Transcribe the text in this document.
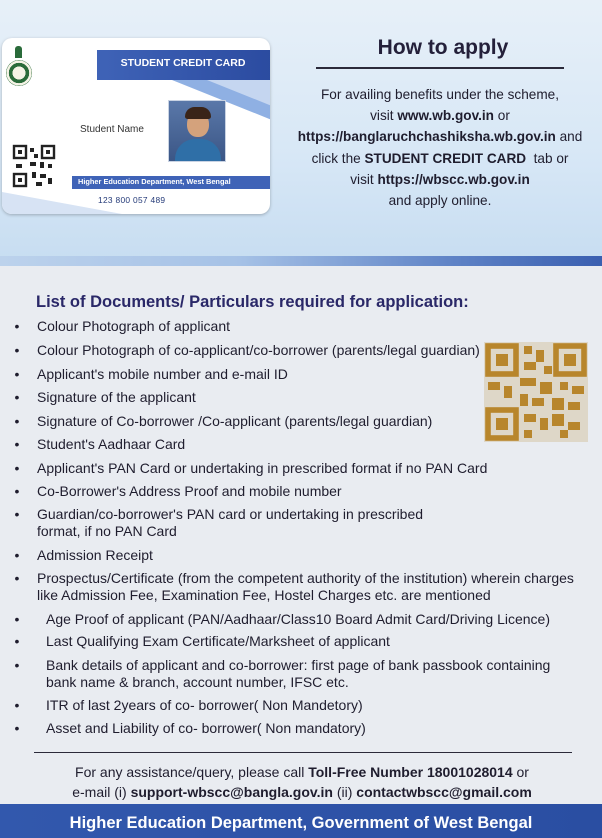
STUDENT CREDIT CARD
Student Name
Higher Education Department, West Bengal
123 800 057 489
How to apply
For availing benefits under the scheme,
visit www.wb.gov.in or
https://banglaruchchashiksha.wb.gov.in and
click the STUDENT CREDIT CARD  tab or
visit https://wbscc.wb.gov.in
and apply online.
List of Documents/ Particulars required for application:
•	Colour Photograph of applicant
•	Colour Photograph of co-applicant/co-borrower (parents/legal guardian)
•	Applicant's mobile number and e-mail ID
•	Signature of the applicant
•	Signature of Co-borrower /Co-applicant (parents/legal guardian)
•	Student's Aadhaar Card
•	Applicant's PAN Card or undertaking in prescribed format if no PAN Card
•	Co-Borrower's Address Proof and mobile number
•	Guardian/co-borrower's PAN card or undertaking in prescribed format, if no PAN Card
•	Admission Receipt
•	Prospectus/Certificate (from the competent authority of the institution) wherein charges like Admission Fee, Examination Fee, Hostel Charges etc. are mentioned
•	Age Proof of applicant (PAN/Aadhaar/Class10 Board Admit Card/Driving Licence)
•	Last Qualifying Exam Certificate/Marksheet of applicant
•	Bank details of applicant and co-borrower: first page of bank passbook containing bank name & branch, account number, IFSC etc.
•	ITR of last 2years of co- borrower( Non Mandetory)
•	Asset and Liability of co- borrower( Non mandatory)
For any assistance/query, please call Toll-Free Number 18001028014 or
e-mail (i) support-wbscc@bangla.gov.in (ii) contactwbscc@gmail.com
Higher Education Department, Government of West Bengal
